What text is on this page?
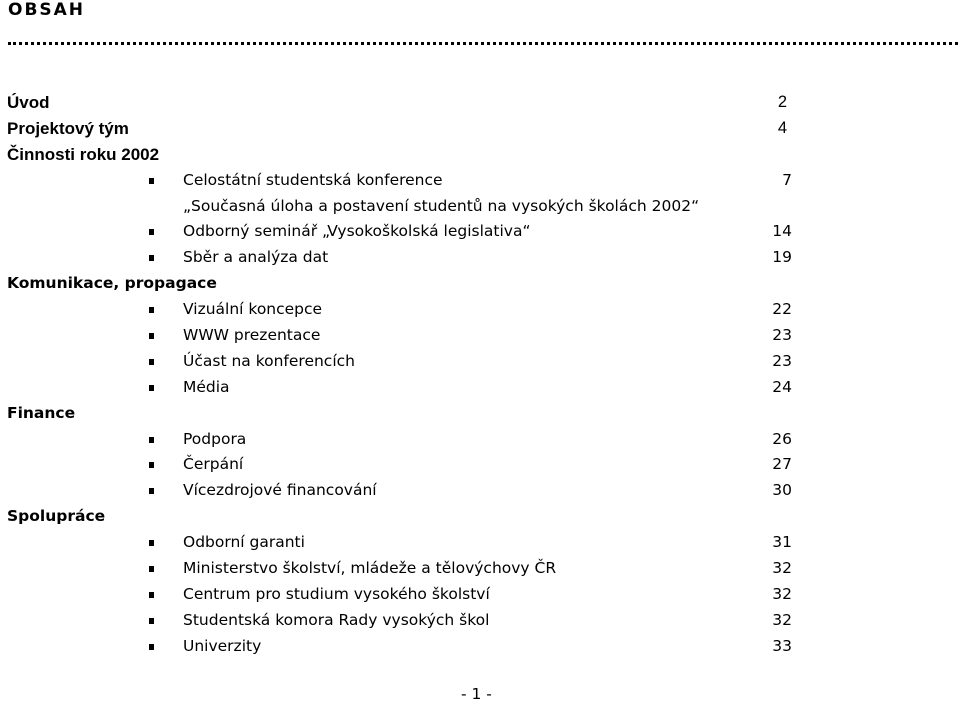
OBSAH
Úvod	2
Projektový tým	4
Činnosti roku 2002
Celostátní studentská konference	7
„Současná úloha a postavení studentů na vysokých školách 2002“
Odborný seminář „Vysokoškolská legislativa“	14
Sběr a analýza dat	19
Komunikace, propagace
Vizuální koncepce	22
WWW prezentace	23
Účast na konferencích	23
Média	24
Finance
Podpora	26
Čerpání	27
Vícezdrojové financování	30
Spolupráce
Odborní garanti	31
Ministerstvo školství, mládeže a tělovýchovy ČR	32
Centrum pro studium vysokého školství	32
Studentská komora Rady vysokých škol	32
Univerzity	33
- 1 -
